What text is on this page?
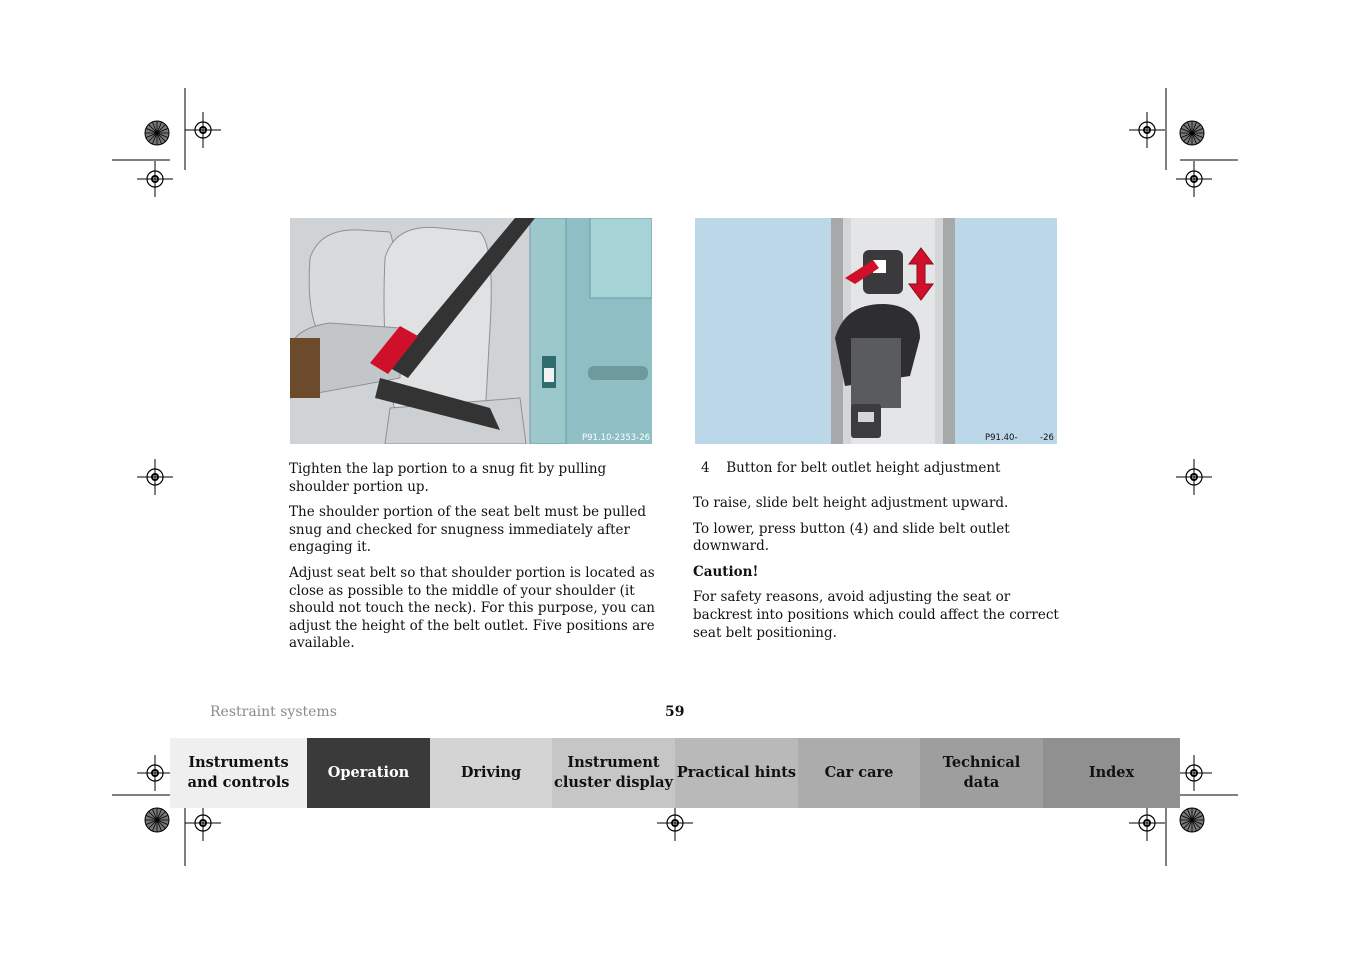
P91.10-2353-26	P91.40-	-26

Tighten the lap portion to a snug fit by pulling shoulder portion up.

The shoulder portion of the seat belt must be pulled snug and checked for snugness immediately after engaging it.

Adjust seat belt so that shoulder portion is located as close as possible to the middle of your shoulder (it should not touch the neck). For this purpose, you can adjust the height of the belt outlet. Five positions are available.

4 Button for belt outlet height adjustment

To raise, slide belt height adjustment upward.

To lower, press button (4) and slide belt outlet downward.

Caution!

For safety reasons, avoid adjusting the seat or backrest into positions which could affect the correct seat belt positioning.

Restraint systems	59
Instruments
and controls
Operation	Driving
Instrument
cluster display
Practical hints	Car care
Technical
data
Index
